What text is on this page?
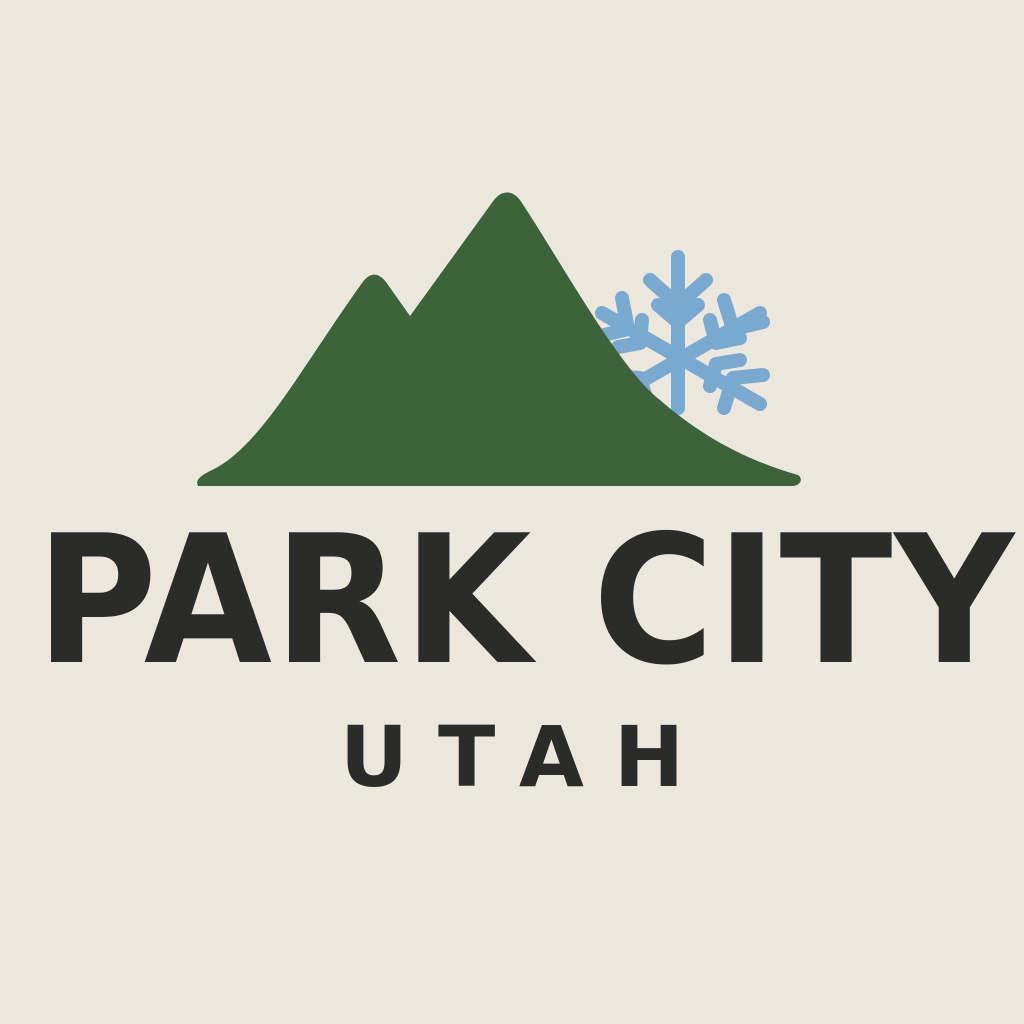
PARK CITY
UTAH
